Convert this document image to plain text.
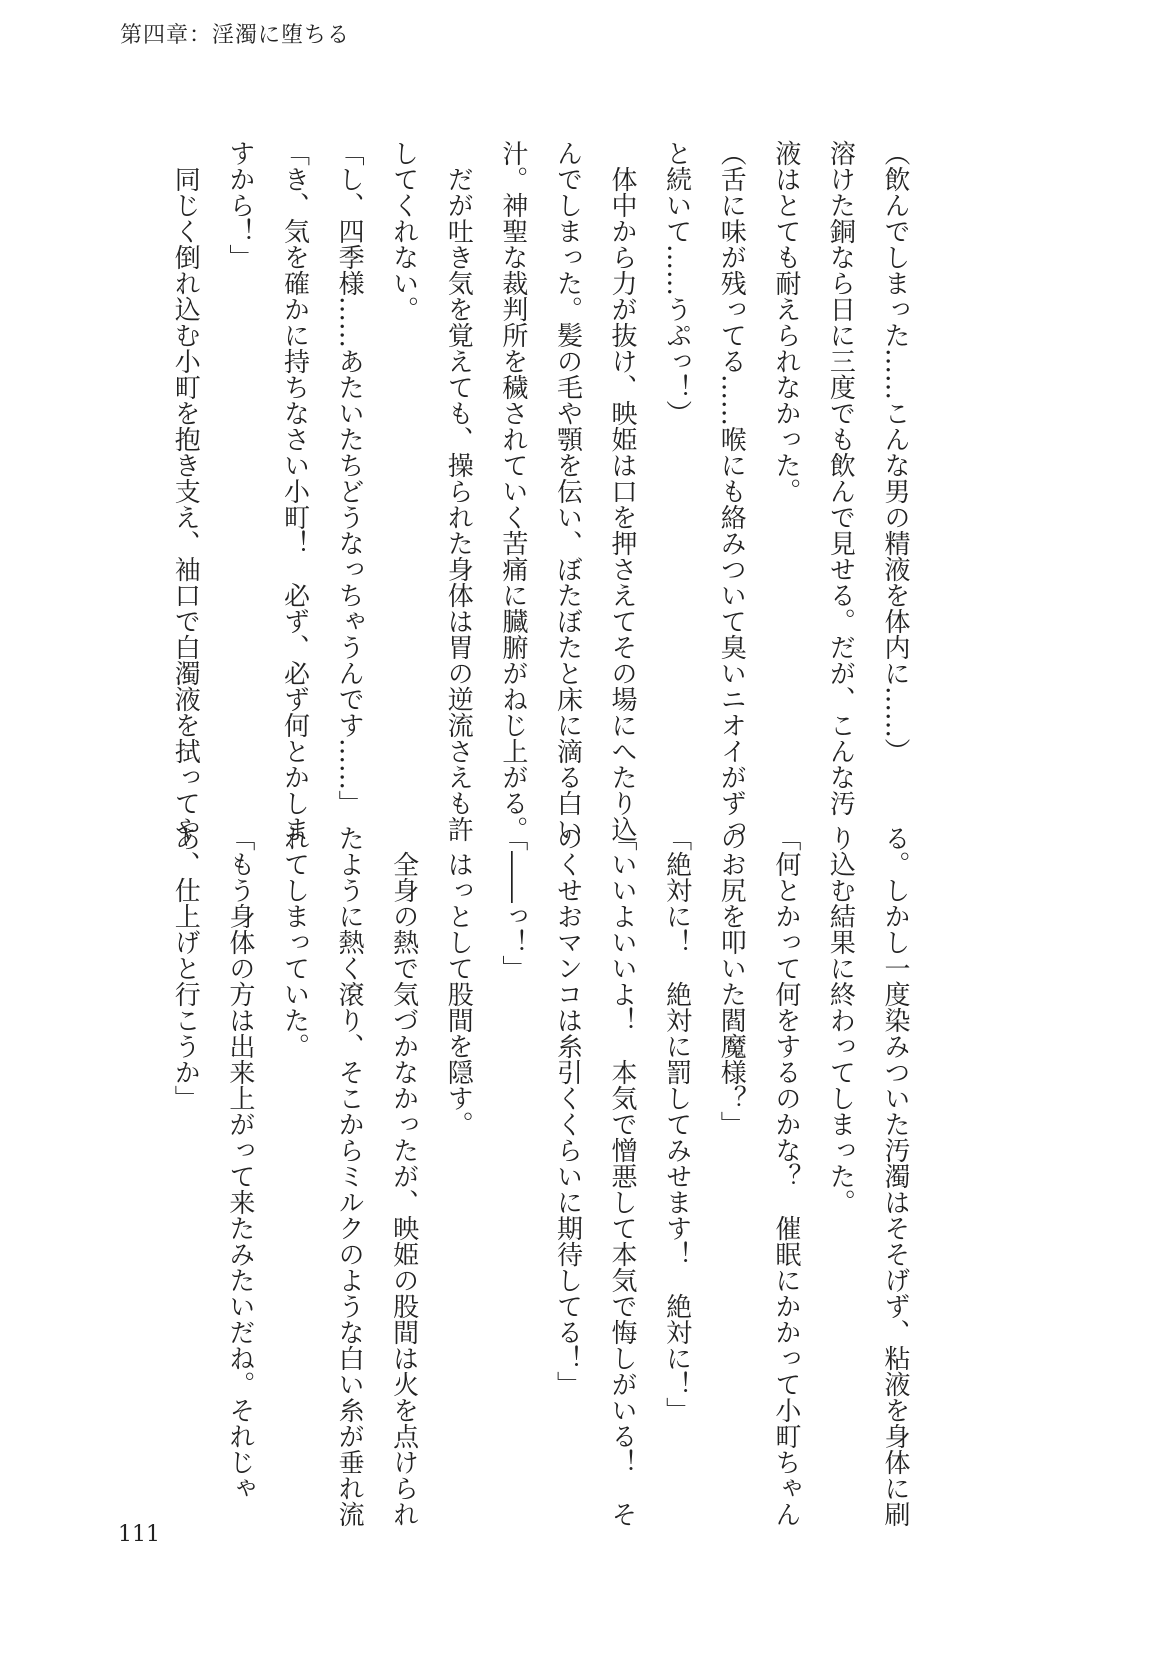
第四章：淫濁に堕ちる
（飲んでしまった……こんな男の精液を体内に……）
溶けた銅なら日に三度でも飲んで見せる。だが、こんな汚
液はとても耐えられなかった。
（舌に味が残ってる……喉にも絡みついて臭いニオイがずっ
と続いて……うぷっ！）
　体中から力が抜け、映姫は口を押さえてその場にへたり込
んでしまった。髪の毛や顎を伝い、ぼたぼたと床に滴る白い
汁。神聖な裁判所を穢されていく苦痛に臓腑がねじ上がる。
　だが吐き気を覚えても、操られた身体は胃の逆流さえも許
してくれない。
「し、四季様……あたいたちどうなっちゃうんです……」
「き、気を確かに持ちなさい小町！　必ず、必ず何とかしま
すから！」
　同じく倒れ込む小町を抱き支え、袖口で白濁液を拭ってや
る。しかし一度染みついた汚濁はそそげず、粘液を身体に刷
り込む結果に終わってしまった。
「何とかって何をするのかな？　催眠にかかって小町ちゃん
のお尻を叩いた閻魔様？」
「絶対に！　絶対に罰してみせます！　絶対に！」
「いいよいいよ！　本気で憎悪して本気で悔しがいる！　そ
のくせおマンコは糸引くくらいに期待してる！」
「――っ！」
　はっとして股間を隠す。
　全身の熱で気づかなかったが、映姫の股間は火を点けられ
たように熱く滾り、そこからミルクのような白い糸が垂れ流
れてしまっていた。
「もう身体の方は出来上がって来たみたいだね。それじゃ
あ、仕上げと行こうか」
111
